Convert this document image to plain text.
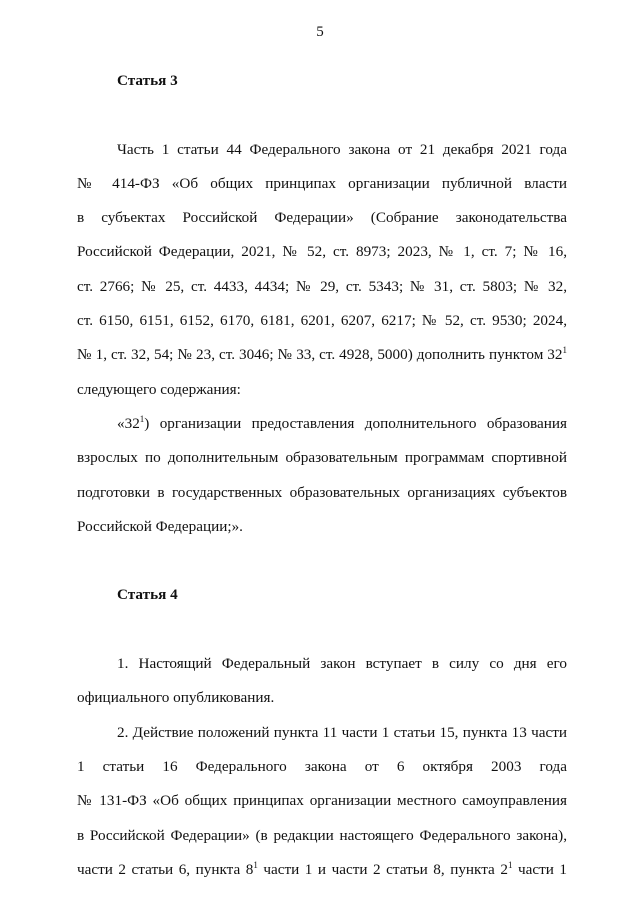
5
Статья 3
Часть 1 статьи 44 Федерального закона от 21 декабря 2021 года
№ 414-ФЗ «Об общих принципах организации публичной власти
в субъектах Российской Федерации» (Собрание законодательства
Российской Федерации, 2021, № 52, ст. 8973; 2023, № 1, ст. 7; № 16,
ст. 2766; № 25, ст. 4433, 4434; № 29, ст. 5343; № 31, ст. 5803; № 32,
ст. 6150, 6151, 6152, 6170, 6181, 6201, 6207, 6217; № 52, ст. 9530; 2024,
№ 1, ст. 32, 54; № 23, ст. 3046; № 33, ст. 4928, 5000) дополнить пунктом $32^1$
следующего содержания:
«$32^1$) организации предоставления дополнительного образования
взрослых по дополнительным образовательным программам спортивной
подготовки в государственных образовательных организациях субъектов
Российской Федерации;».
Статья 4
1. Настоящий Федеральный закон вступает в силу со дня его
официального опубликования.
2. Действие положений пункта 11 части 1 статьи 15, пункта 13 части
1 статьи 16 Федерального закона от 6 октября 2003 года
№ 131-ФЗ «Об общих принципах организации местного самоуправления
в Российской Федерации» (в редакции настоящего Федерального закона),
части 2 статьи 6, пункта $8^1$ части 1 и части 2 статьи 8, пункта $2^1$ части 1
